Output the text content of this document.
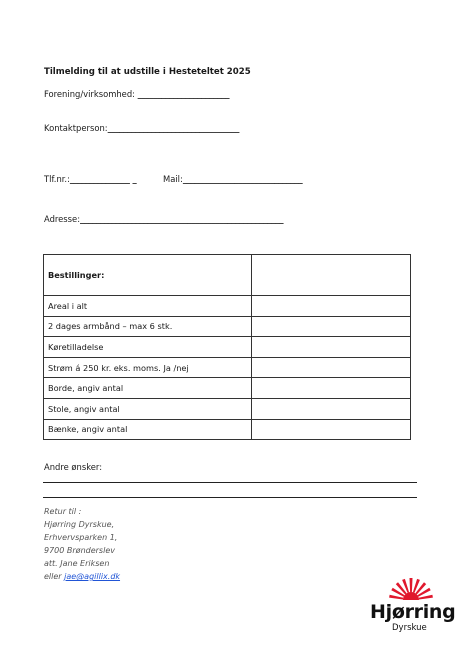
Tilmelding til at udstille i Hesteteltet 2025
Forening/virksomhed: _______________________
Kontaktperson:_________________________________
Tlf.nr.:_______________ _	Mail:______________________________
Adresse:___________________________________________________
Bestillinger:	
Areal i alt	
2 dages armbånd – max 6 stk.	
Køretilladelse	
Strøm á 250 kr. eks. moms. Ja /nej	
Borde, angiv antal	
Stole, angiv antal	
Bænke, angiv antal	
Andre ønsker:
Retur til :
Hjørring Dyrskue,
Erhvervsparken 1,
9700 Brønderslev
att. Jane Eriksen
eller jae@agillix.dk
Hjørring
Dyrskue
